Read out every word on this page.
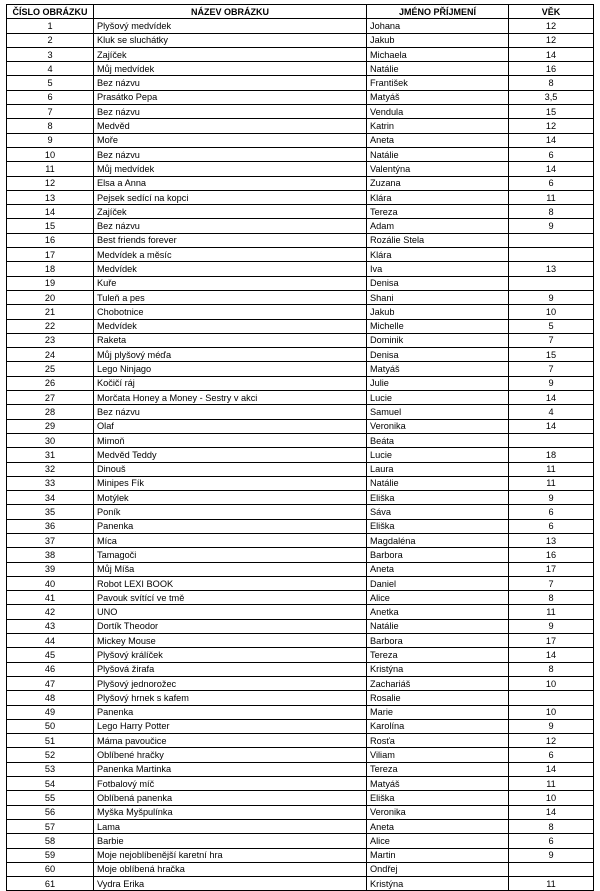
ČÍSLO OBRÁZKU	NÁZEV OBRÁZKU	JMÉNO PŘÍJMENÍ	VĚK
1	Plyšový medvídek	Johana	12
2	Kluk se sluchátky	Jakub	12
3	Zajíček	Michaela	14
4	Můj medvídek	Natálie	16
5	Bez názvu	František	8
6	Prasátko Pepa	Matyáš	3,5
7	Bez názvu	Vendula	15
8	Medvěd	Katrin	12
9	Moře	Aneta	14
10	Bez názvu	Natálie	6
11	Můj medvídek	Valentýna	14
12	Elsa a Anna	Zuzana	6
13	Pejsek sedící na kopci	Klára	11
14	Zajíček	Tereza	8
15	Bez názvu	Adam	9
16	Best friends forever	Rozálie Stela	
17	Medvídek a měsíc	Klára	
18	Medvídek	Iva	13
19	Kuře	Denisa	
20	Tuleň a pes	Shani	9
21	Chobotnice	Jakub	10
22	Medvídek	Michelle	5
23	Raketa	Dominik	7
24	Můj plyšový méďa	Denisa	15
25	Lego Ninjago	Matyáš	7
26	Kočičí ráj	Julie	9
27	Morčata Honey a Money - Sestry v akci	Lucie	14
28	Bez názvu	Samuel	4
29	Olaf	Veronika	14
30	Mimoň	Beáta	
31	Medvěd Teddy	Lucie	18
32	Dinouš	Laura	11
33	Minipes Fík	Natálie	11
34	Motýlek	Eliška	9
35	Poník	Sáva	6
36	Panenka	Eliška	6
37	Míca	Magdaléna	13
38	Tamagoči	Barbora	16
39	Můj Míša	Aneta	17
40	Robot LEXI BOOK	Daniel	7
41	Pavouk svítící ve tmě	Alice	8
42	UNO	Anetka	11
43	Dortík Theodor	Natálie	9
44	Mickey Mouse	Barbora	17
45	Plyšový králíček	Tereza	14
46	Plyšová žirafa	Kristýna	8
47	Plyšový jednorožec	Zachariáš	10
48	Plyšový hrnek s kafem	Rosalie	
49	Panenka	Marie	10
50	Lego Harry Potter	Karolína	9
51	Máma pavoučice	Rosťa	12
52	Oblíbené hračky	Viliam	6
53	Panenka Martinka	Tereza	14
54	Fotbalový míč	Matyáš	11
55	Oblíbená panenka	Eliška	10
56	Myška Myšpulínka	Veronika	14
57	Lama	Aneta	8
58	Barbie	Alice	6
59	Moje nejoblíbenější karetní hra	Martin	9
60	Moje oblíbená hračka	Ondřej	
61	Vydra Erika	Kristýna	11
